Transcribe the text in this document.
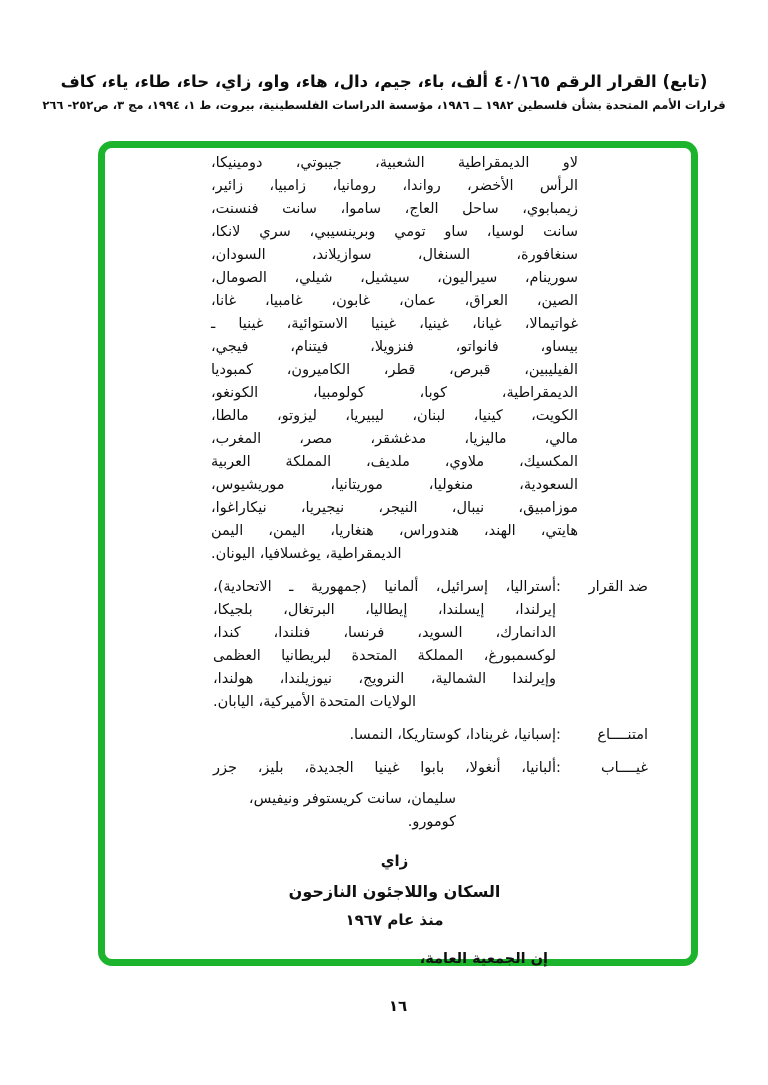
(تابع) القرار الرقم ٤٠/١٦٥ ألف، باء، جيم، دال، هاء، واو، زاي، حاء، طاء، ياء، كاف
قرارات الأمم المتحدة بشأن فلسطين ١٩٨٢ ــ ١٩٨٦، مؤسسة الدراسات الفلسطينية، بيروت، ط ١، ١٩٩٤، مج ٣، ص٢٥٢- ٢٦٦
لاو الديمقراطية الشعبية، جيبوتي، دومينيكا،
الرأس الأخضر، رواندا، رومانيا، زامبيا، زائير،
زيمبابوي، ساحل العاج، ساموا، سانت فنسنت،
سانت لوسيا، ساو تومي وبرينسيبي، سري لانكا،
سنغافورة، السنغال، سوازيلاند، السودان،
سورينام، سيراليون، سيشيل، شيلي، الصومال،
الصين، العراق، عمان، غابون، غامبيا، غانا،
غواتيمالا، غيانا، غينيا، غينيا الاستوائية، غينيا ـ
بيساو، فانواتو، فنزويلا، فيتنام، فيجي،
الفيليبين، قبرص، قطر، الكاميرون، كمبوديا
الديمقراطية، كوبا، كولومبيا، الكونغو،
الكويت، كينيا، لبنان، ليبيريا، ليزوتو، مالطا،
مالي، ماليزيا، مدغشقر، مصر، المغرب،
المكسيك، ملاوي، ملديف، المملكة العربية
السعودية، منغوليا، موريتانيا، موريشيوس،
موزامبيق، نيبال، النيجر، نيجيريا، نيكاراغوا،
هايتي، الهند، هندوراس، هنغاريا، اليمن، اليمن
الديمقراطية، يوغسلافيا، اليونان.
ضد القرار
:
أستراليا، إسرائيل، ألمانيا (جمهورية ـ الاتحادية)،
إيرلندا، إيسلندا، إيطاليا، البرتغال، بلجيكا،
الدانمارك، السويد، فرنسا، فنلندا، كندا،
لوكسمبورغ، المملكة المتحدة لبريطانيا العظمى
وإيرلندا الشمالية، النرويج، نيوزيلندا، هولندا،
الولايات المتحدة الأميركية، اليابان.
امتنــــاع
:
إسبانيا، غرينادا، كوستاريكا، النمسا.
غيــــاب
:
ألبانيا، أنغولا، بابوا غينيا الجديدة، بليز، جزر
سليمان، سانت كريستوفر ونيفيس، كومورو.
زاي
السكان واللاجئون النازحون
منذ عام ١٩٦٧
إن الجمعية العامة،
١٦
